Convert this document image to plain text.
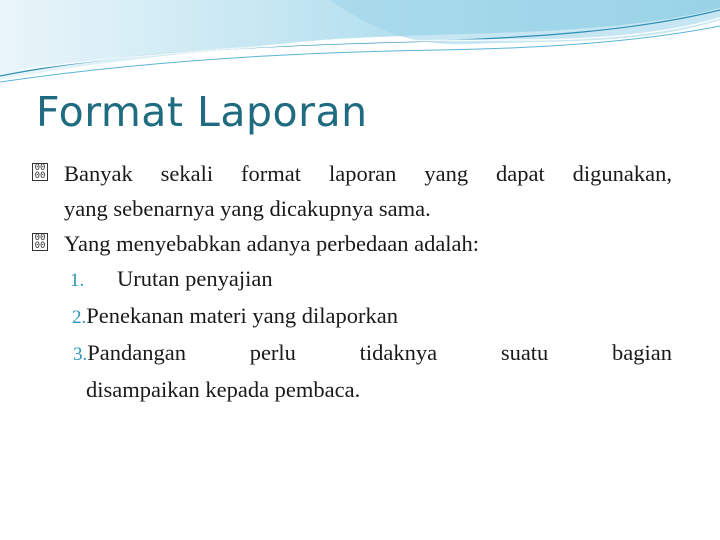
Format Laporan
00
00 Banyak sekali format laporan yang dapat digunakan,
yang sebenarnya yang dicakupnya sama.
00
00 Yang menyebabkan adanya perbedaan adalah:
1. Urutan penyajian
2.Penekanan materi yang dilaporkan
3.Pandangan	perlu	tidaknya	suatu	bagian
disampaikan kepada pembaca.
